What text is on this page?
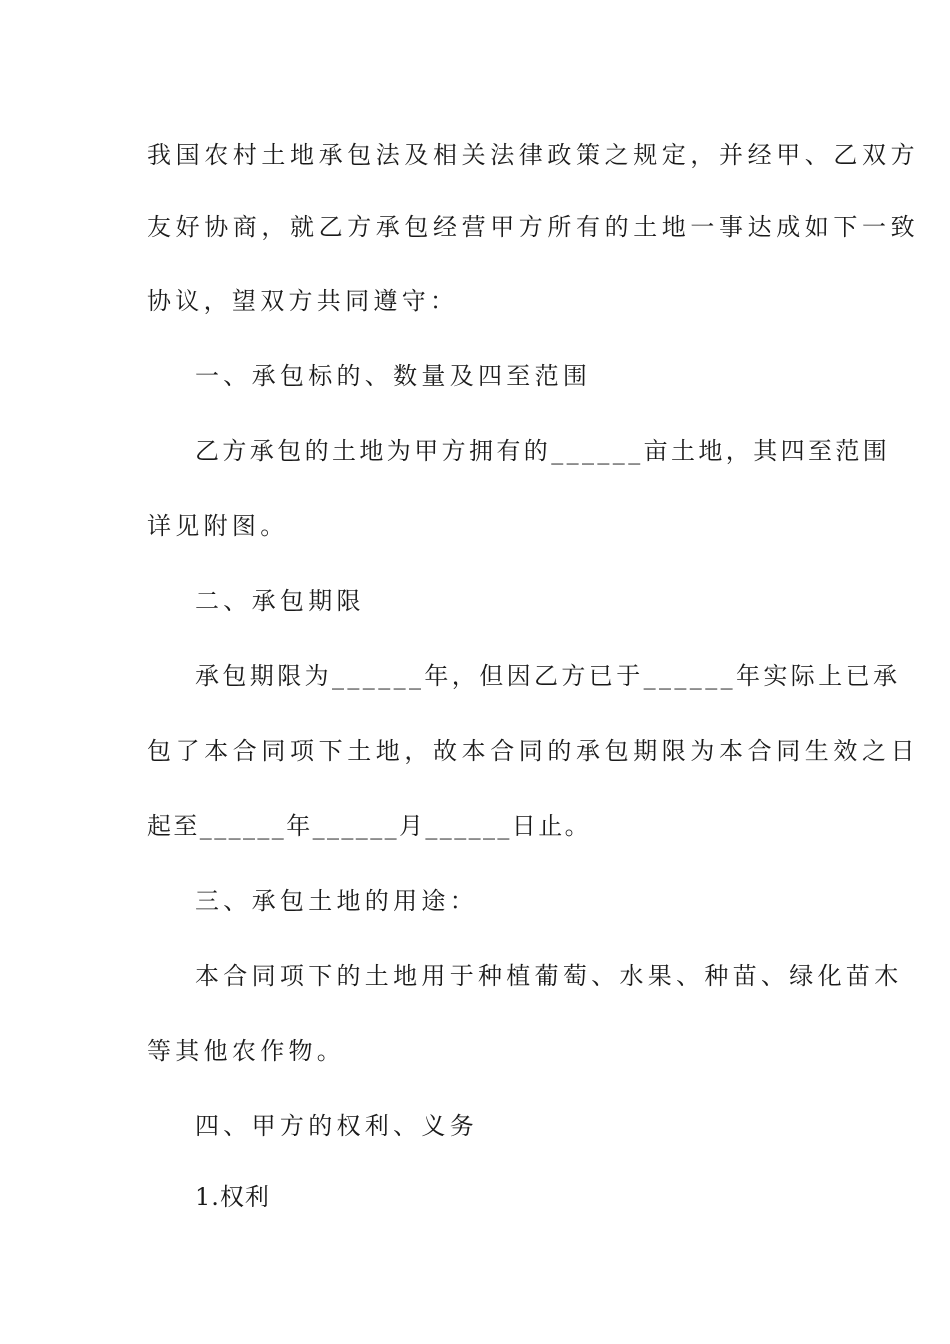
我国农村土地承包法及相关法律政策之规定，并经甲、乙双方
友好协商，就乙方承包经营甲方所有的土地一事达成如下一致
协议，望双方共同遵守：
一、承包标的、数量及四至范围
乙方承包的土地为甲方拥有的______亩土地，其四至范围
详见附图。
二、承包期限
承包期限为______年，但因乙方已于______年实际上已承
包了本合同项下土地，故本合同的承包期限为本合同生效之日
起至______年______月______日止。
三、承包土地的用途：
本合同项下的土地用于种植葡萄、水果、种苗、绿化苗木
等其他农作物。
四、甲方的权利、义务
1.权利
